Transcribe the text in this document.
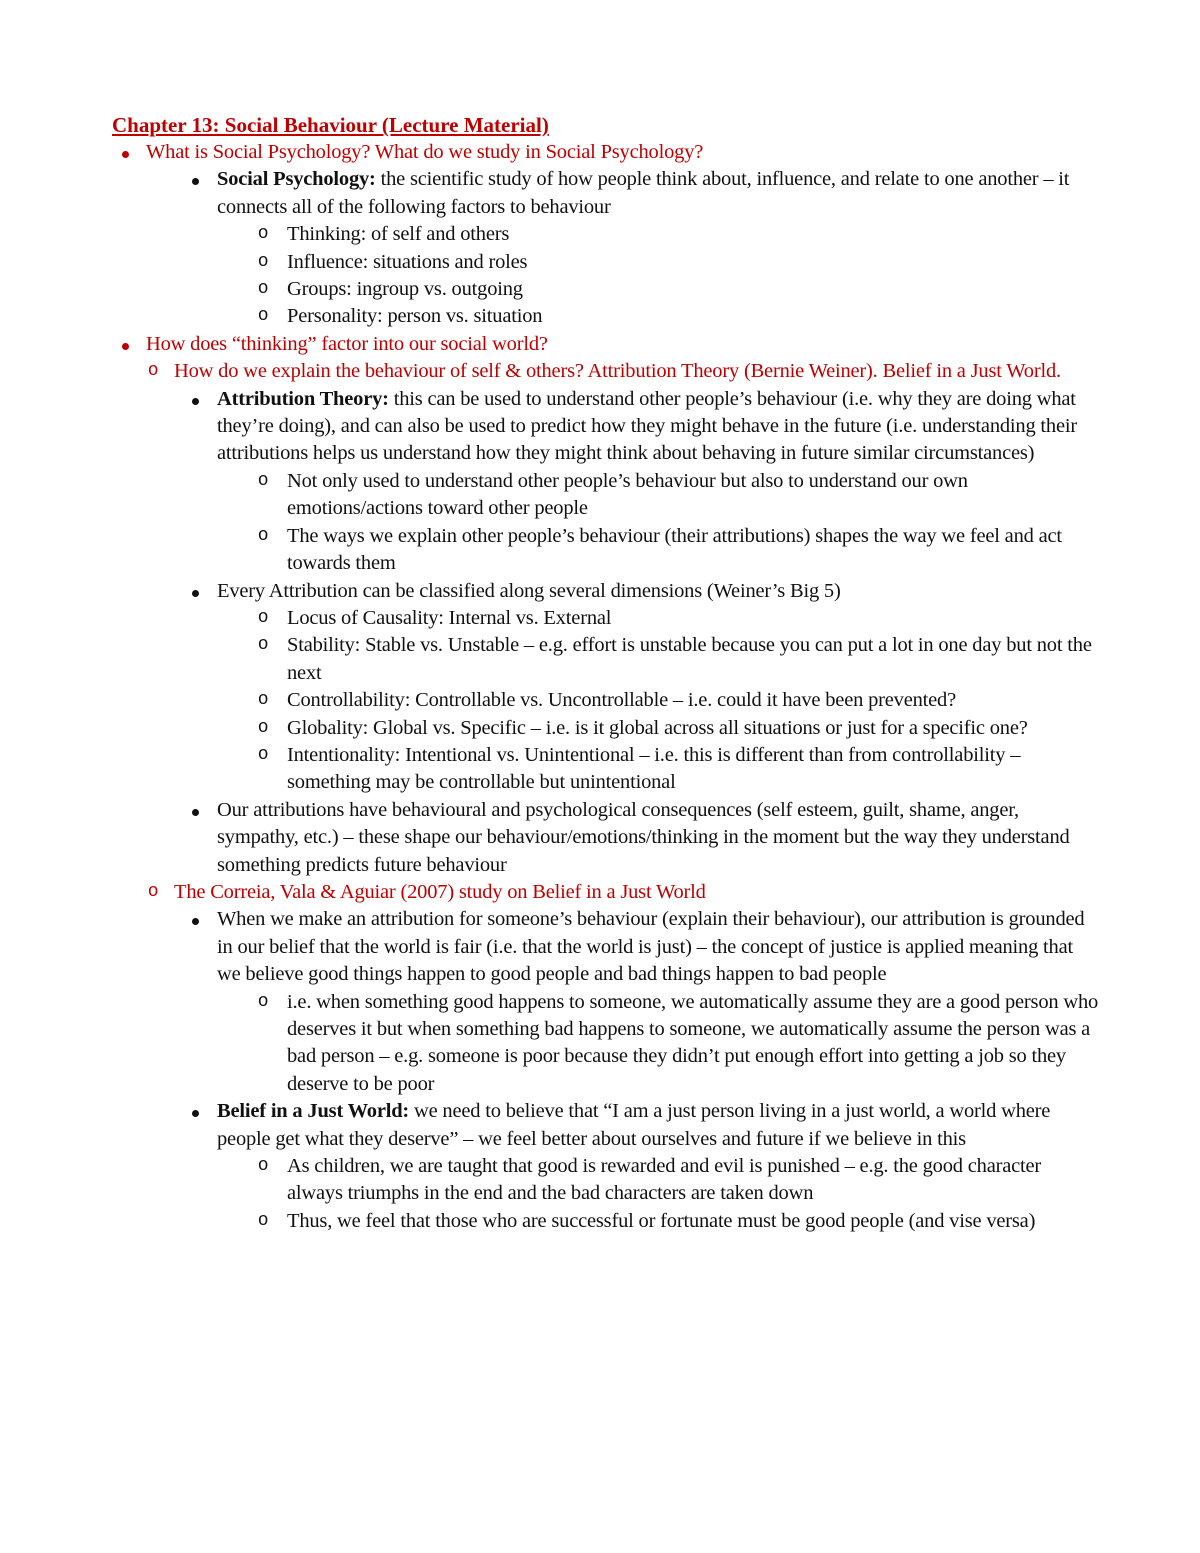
Chapter 13: Social Behaviour (Lecture Material)

What is Social Psychology? What do we study in Social Psychology?
Social Psychology: the scientific study of how people think about, influence, and relate to one another – it connects all of the following factors to behaviour
o Thinking: of self and others
o Influence: situations and roles
o Groups: ingroup vs. outgoing
o Personality: person vs. situation
How does “thinking” factor into our social world?
o How do we explain the behaviour of self & others? Attribution Theory (Bernie Weiner). Belief in a Just World.
Attribution Theory: this can be used to understand other people’s behaviour (i.e. why they are doing what they’re doing), and can also be used to predict how they might behave in the future (i.e. understanding their attributions helps us understand how they might think about behaving in future similar circumstances)
o Not only used to understand other people’s behaviour but also to understand our own emotions/actions toward other people
o The ways we explain other people’s behaviour (their attributions) shapes the way we feel and act towards them
Every Attribution can be classified along several dimensions (Weiner’s Big 5)
o Locus of Causality: Internal vs. External
o Stability: Stable vs. Unstable – e.g. effort is unstable because you can put a lot in one day but not the next
o Controllability: Controllable vs. Uncontrollable – i.e. could it have been prevented?
o Globality: Global vs. Specific – i.e. is it global across all situations or just for a specific one?
o Intentionality: Intentional vs. Unintentional – i.e. this is different than from controllability – something may be controllable but unintentional
Our attributions have behavioural and psychological consequences (self esteem, guilt, shame, anger, sympathy, etc.) – these shape our behaviour/emotions/thinking in the moment but the way they understand something predicts future behaviour
o The Correia, Vala & Aguiar (2007) study on Belief in a Just World
When we make an attribution for someone’s behaviour (explain their behaviour), our attribution is grounded in our belief that the world is fair (i.e. that the world is just) – the concept of justice is applied meaning that we believe good things happen to good people and bad things happen to bad people
o i.e. when something good happens to someone, we automatically assume they are a good person who deserves it but when something bad happens to someone, we automatically assume the person was a bad person – e.g. someone is poor because they didn’t put enough effort into getting a job so they deserve to be poor
Belief in a Just World: we need to believe that “I am a just person living in a just world, a world where people get what they deserve” – we feel better about ourselves and future if we believe in this
o As children, we are taught that good is rewarded and evil is punished – e.g. the good character always triumphs in the end and the bad characters are taken down
o Thus, we feel that those who are successful or fortunate must be good people (and vise versa)
